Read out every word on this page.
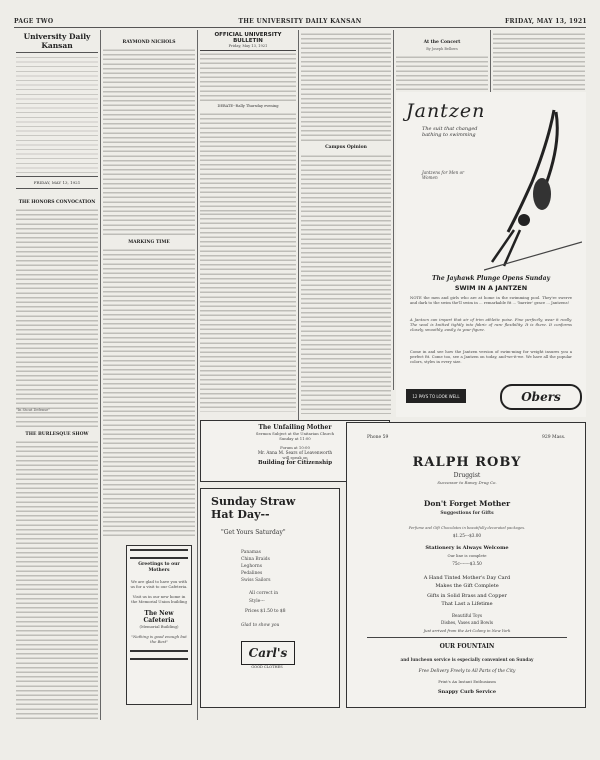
PAGE TWO	THE UNIVERSITY DAILY KANSAN	FRIDAY, MAY 13, 1921
University Daily Kansan
FRIDAY, MAY 13, 1921
THE HONORS CONVOCATION
"In Stout Defense"
THE BURLESQUE SHOW
RAYMOND NICHOLS
MARKING TIME
Greetings to our Mothers
We are glad to have you with us for a visit to our Cafeteria.
Visit us in our new home in the Memorial Union building
The New Cafeteria
(Memorial Building)
"Nothing is good enough but the Best"
OFFICIAL UNIVERSITY BULLETIN
Friday, May 13, 1921
DEBATE--Rally Thursday evening
Campus Opinion
At the Concert
By Joseph Bellows
Jantzen
The suit that changed bathing to swimming
Jantzens for Men or Women
The Jayhawk Plunge Opens Sunday
SWIM IN A JANTZEN
NOTE the men and girls who are at home in the swimming pool. They're swerve and dark to the swim the'll swim in ... remarkable fit ... 'barrier' grace ... Jantzens!
A Jantzen can impart that air of trim athletic poise. Fine perfectly, wear it really. The wool is knitted tightly into fabric of rare flexibility. It is there. It conforms closely, smoothly, easily, to your figure.
Come in and see how the Jantzen version of swim-ming for weight insures you a perfect fit. Come too, see a Jantzen on today, and-we-it-we. We have all the popular colors, styles in every size.
12 PAYS TO LOOK WELL	Obers
The Unfailing Mother
Sermon Subject at the Unitarian Church
Sunday at 11:00
Forum at 10:00
Mr. Anna M. Sears of Leavenworth
will speak on
Building for Citizenship
Sunday Straw Hat Day--
"Get Yours Saturday"
Panamas
China Braids
Leghorns
Pedalines
Swiss Sailors
All correct in
Style---
Prices $1.50 to $8
Glad to show you
Carl's
GOOD CLOTHES
Phone 59	929 Mass.
RALPH ROBY
Druggist
Successor to Raney Drug Co.
Don't Forget Mother
Suggestions for Gifts
Perfume and Gift Chocolates in beautifully decorated packages.
$1.25---$3.00
Stationery is Always Welcome
Our line is complete
75c-------$3.50
A Hand Tinted Mother's Day Card
Makes the Gift Complete
Gifts in Solid Brass and Copper
That Last a Lifetime
Beautiful Toys
Dishes, Vases and Bowls
Just arrived from the Art Colony in New York
OUR FOUNTAIN
and luncheon service is especially convenient on Sunday
Free Delivery Freely to All Parts of the City
Print's An Instant Enthusiasm
Snappy Curb Service
